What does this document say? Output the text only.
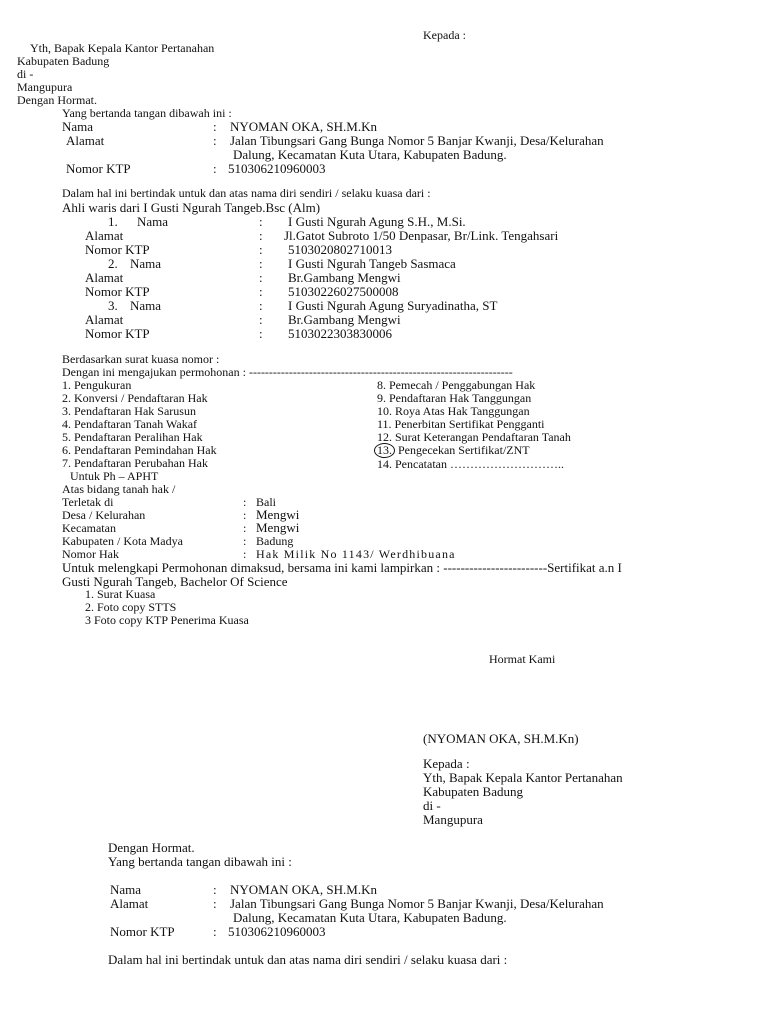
Kepada :
Yth, Bapak Kepala Kantor Pertanahan
Kabupaten Badung
di -
Mangupura
Dengan Hormat.
Yang bertanda tangan dibawah ini :
Nama	: NYOMAN OKA, SH.M.Kn
Alamat	: Jalan Tibungsari Gang Bunga Nomor 5 Banjar Kwanji, Desa/Kelurahan
Dalung, Kecamatan Kuta Utara, Kabupaten Badung.
Nomor KTP	: 510306210960003
Dalam hal ini bertindak untuk dan atas nama diri sendiri / selaku kuasa dari :
Ahli waris dari I Gusti Ngurah Tangeb.Bsc (Alm)
1. Nama	: I Gusti Ngurah Agung S.H., M.Si.
Alamat	: Jl.Gatot Subroto 1/50 Denpasar, Br/Link. Tengahsari
Nomor KTP	: 5103020802710013
2. Nama	: I Gusti Ngurah Tangeb Sasmaca
Alamat	: Br.Gambang Mengwi
Nomor KTP	: 51030226027500008
3. Nama	: I Gusti Ngurah Agung Suryadinatha, ST
Alamat	: Br.Gambang Mengwi
Nomor KTP	: 5103022303830006
Berdasarkan surat kuasa nomor :
Dengan ini mengajukan permohonan : ------------------------------------------------------------------
1. Pengukuran
2. Konversi / Pendaftaran Hak
3. Pendaftaran Hak Sarusun
4. Pendaftaran Tanah Wakaf
5. Pendaftaran Peralihan Hak
6. Pendaftaran Pemindahan Hak
7. Pendaftaran Perubahan Hak
8. Pemecah / Penggabungan Hak
9. Pendaftaran Hak Tanggungan
10. Roya Atas Hak Tanggungan
11. Penerbitan Sertifikat Pengganti
12. Surat Keterangan Pendaftaran Tanah
13. Pengecekan Sertifikat/ZNT
14. Pencatatan ………………………..
Untuk Ph – APHT
Atas bidang tanah hak /
Terletak di	: Bali
Desa / Kelurahan	: Mengwi
Kecamatan	: Mengwi
Kabupaten / Kota Madya	: Badung
Nomor Hak	: Hak Milik No 1143/ Werdhibuana
Untuk melengkapi Permohonan dimaksud, bersama ini kami lampirkan : ------------------------Sertifikat a.n I
Gusti Ngurah Tangeb, Bachelor Of Science
1. Surat Kuasa
2. Foto copy STTS
3 Foto copy KTP Penerima Kuasa
Hormat Kami
(NYOMAN OKA, SH.M.Kn)
Kepada :
Yth, Bapak Kepala Kantor Pertanahan
Kabupaten Badung
di -
Mangupura
Dengan Hormat.
Yang bertanda tangan dibawah ini :
Nama	: NYOMAN OKA, SH.M.Kn
Alamat	: Jalan Tibungsari Gang Bunga Nomor 5 Banjar Kwanji, Desa/Kelurahan
Dalung, Kecamatan Kuta Utara, Kabupaten Badung.
Nomor KTP	: 510306210960003
Dalam hal ini bertindak untuk dan atas nama diri sendiri / selaku kuasa dari :
